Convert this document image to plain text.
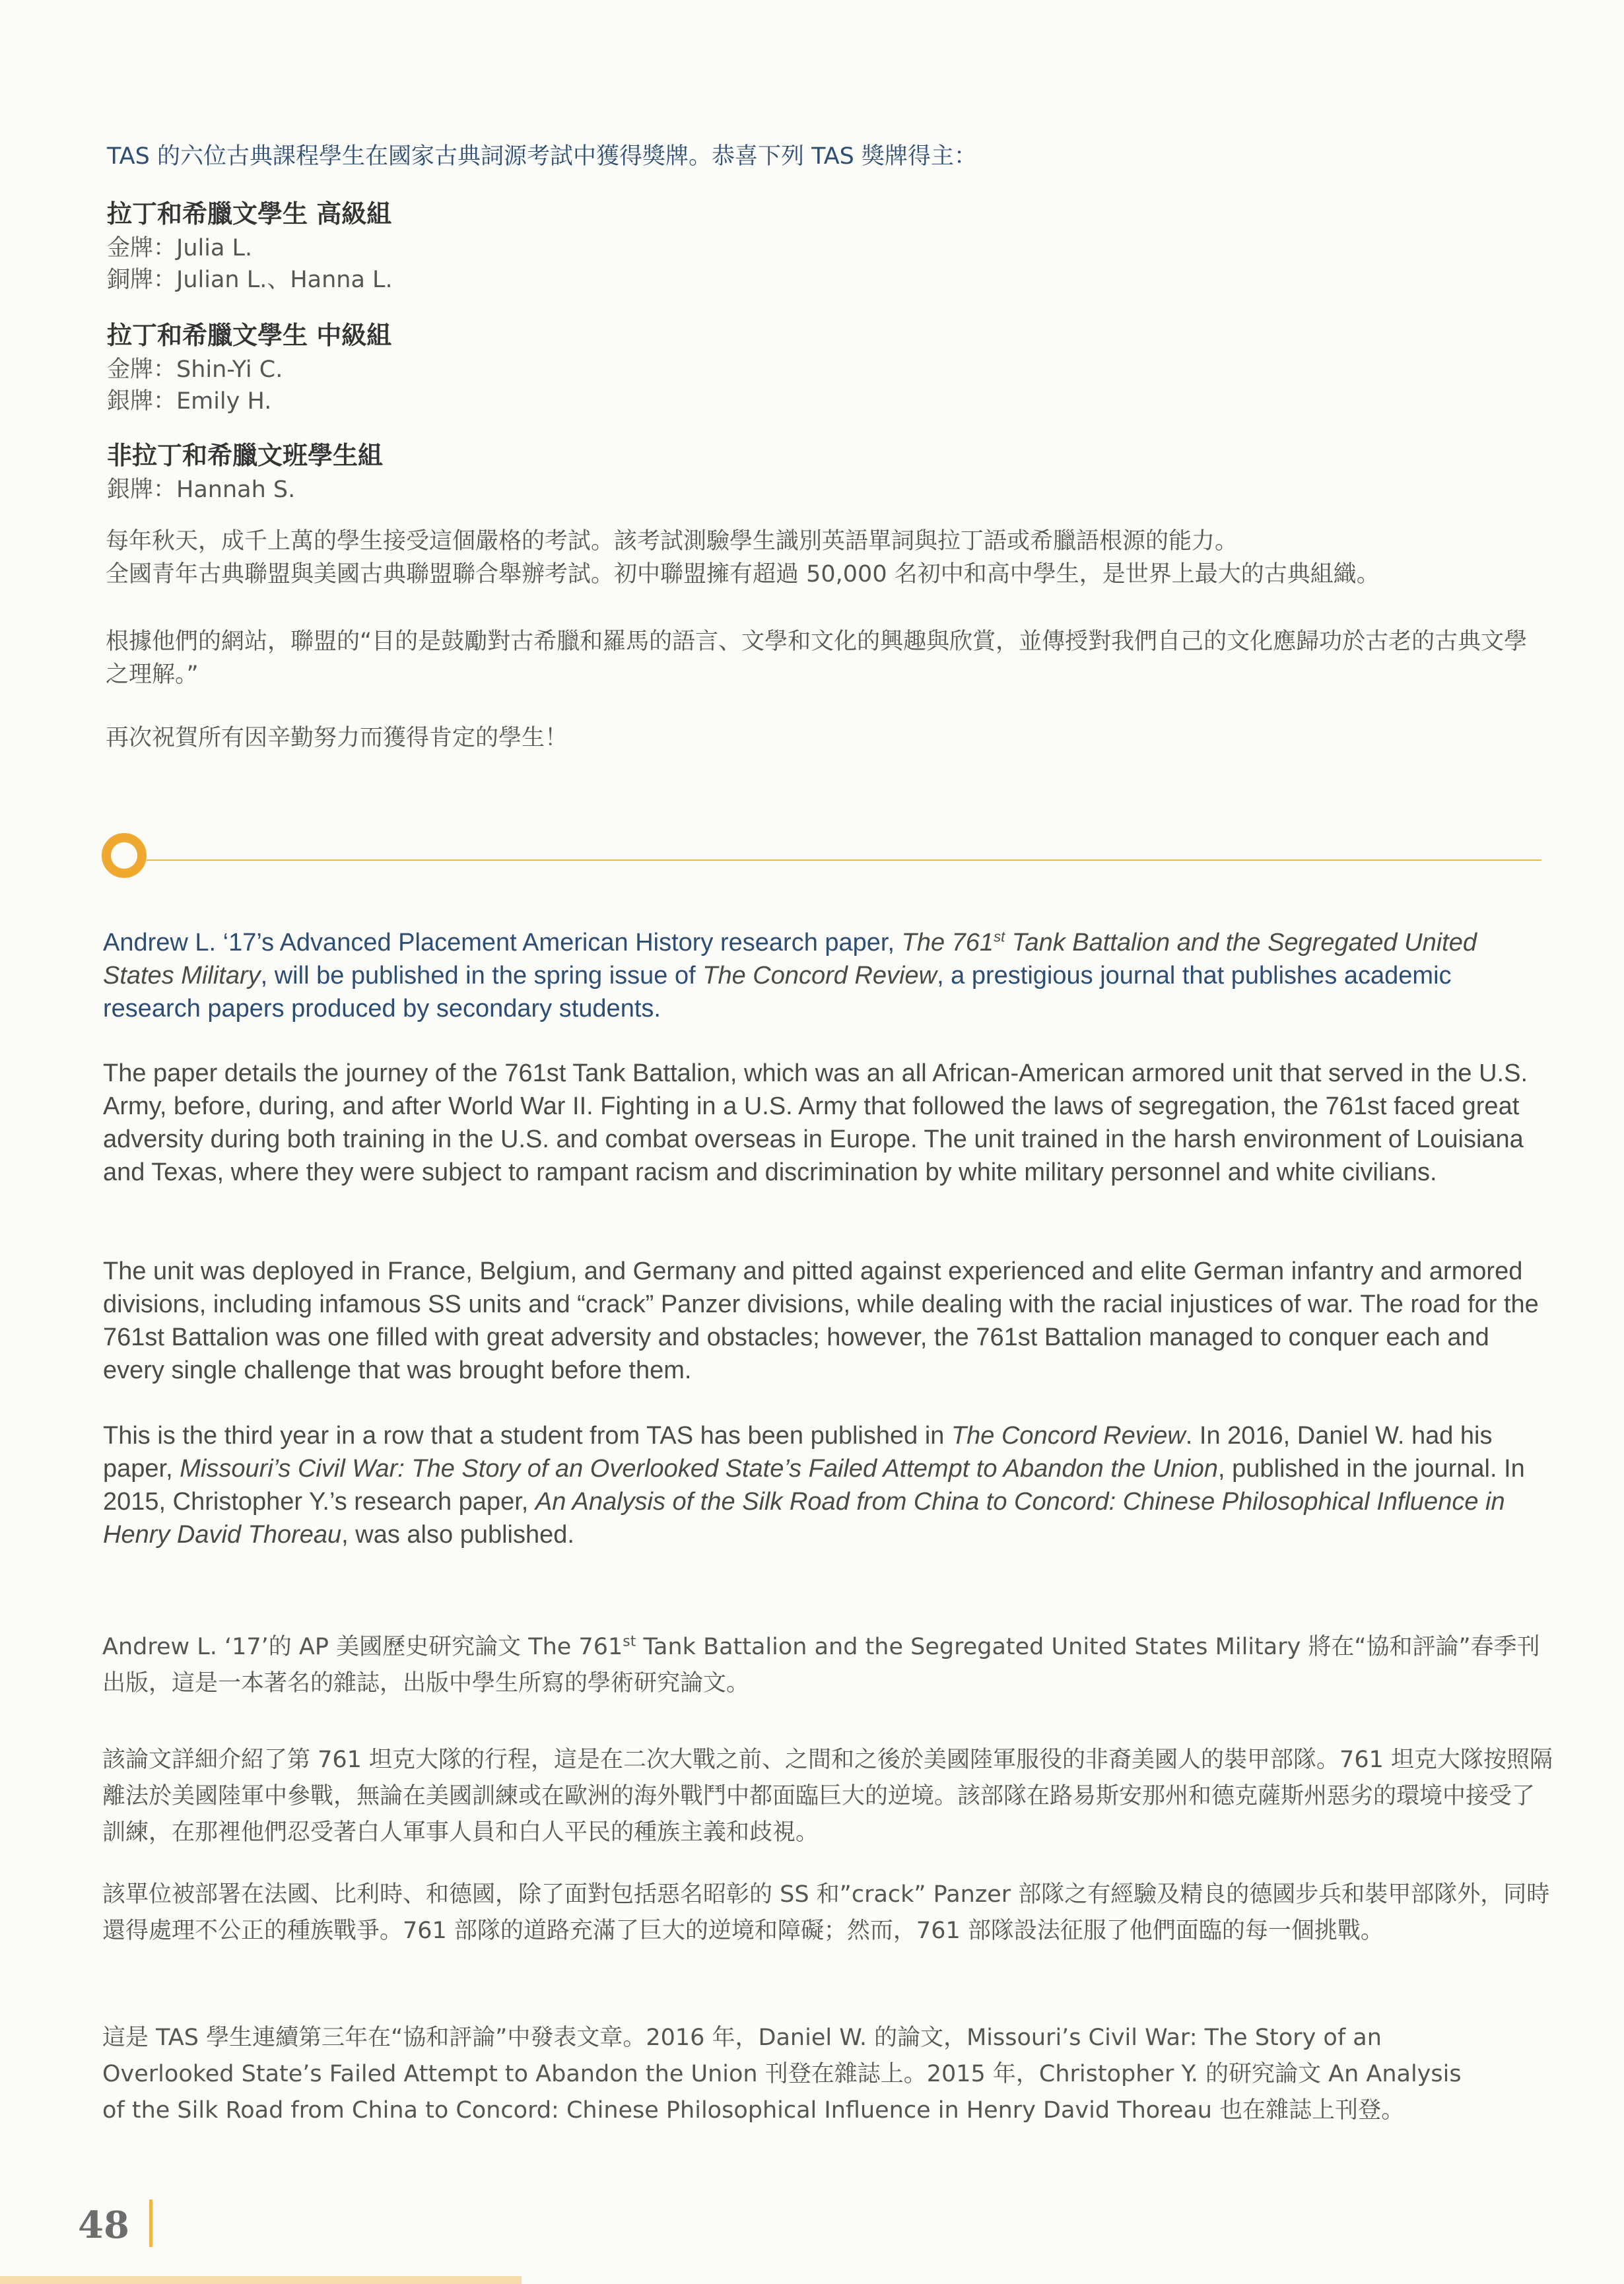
TAS 的六位古典課程學生在國家古典詞源考試中獲得獎牌。恭喜下列 TAS 獎牌得主：
拉丁和希臘文學生 高級組
金牌：Julia L.
銅牌：Julian L.、Hanna L.
拉丁和希臘文學生 中級組
金牌：Shin-Yi C.
銀牌：Emily H.
非拉丁和希臘文班學生組
銀牌：Hannah S.
每年秋天，成千上萬的學生接受這個嚴格的考試。該考試測驗學生識別英語單詞與拉丁語或希臘語根源的能力。
全國青年古典聯盟與美國古典聯盟聯合舉辦考試。初中聯盟擁有超過 50,000 名初中和高中學生，是世界上最大的古典組織。
根據他們的網站，聯盟的“目的是鼓勵對古希臘和羅馬的語言、文學和文化的興趣與欣賞，並傳授對我們自己的文化應歸功於古老的古典文學之理解。”
再次祝賀所有因辛勤努力而獲得肯定的學生！
Andrew L. ‘17’s Advanced Placement American History research paper, The 761st Tank Battalion and the Segregated United States Military, will be published in the spring issue of The Concord Review, a prestigious journal that publishes academic research papers produced by secondary students.
The paper details the journey of the 761st Tank Battalion, which was an all African-American armored unit that served in the U.S. Army, before, during, and after World War II. Fighting in a U.S. Army that followed the laws of segregation, the 761st faced great adversity during both training in the U.S. and combat overseas in Europe. The unit trained in the harsh environment of Louisiana and Texas, where they were subject to rampant racism and discrimination by white military personnel and white civilians.
The unit was deployed in France, Belgium, and Germany and pitted against experienced and elite German infantry and armored divisions, including infamous SS units and “crack” Panzer divisions, while dealing with the racial injustices of war. The road for the 761st Battalion was one filled with great adversity and obstacles; however, the 761st Battalion managed to conquer each and every single challenge that was brought before them.
This is the third year in a row that a student from TAS has been published in The Concord Review. In 2016, Daniel W. had his paper, Missouri’s Civil War: The Story of an Overlooked State’s Failed Attempt to Abandon the Union, published in the journal. In 2015, Christopher Y.’s research paper, An Analysis of the Silk Road from China to Concord: Chinese Philosophical Influence in Henry David Thoreau, was also published.
Andrew L. ‘17’的 AP 美國歷史研究論文 The 761st Tank Battalion and the Segregated United States Military 將在“協和評論”春季刊出版，這是一本著名的雜誌，出版中學生所寫的學術研究論文。
該論文詳細介紹了第 761 坦克大隊的行程，這是在二次大戰之前、之間和之後於美國陸軍服役的非裔美國人的裝甲部隊。761 坦克大隊按照隔離法於美國陸軍中參戰，無論在美國訓練或在歐洲的海外戰鬥中都面臨巨大的逆境。該部隊在路易斯安那州和德克薩斯州惡劣的環境中接受了訓練，在那裡他們忍受著白人軍事人員和白人平民的種族主義和歧視。
該單位被部署在法國、比利時、和德國，除了面對包括惡名昭彰的 SS 和”crack” Panzer 部隊之有經驗及精良的德國步兵和裝甲部隊外，同時還得處理不公正的種族戰爭。761 部隊的道路充滿了巨大的逆境和障礙；然而，761 部隊設法征服了他們面臨的每一個挑戰。
這是 TAS 學生連續第三年在“協和評論”中發表文章。2016 年，Daniel W. 的論文，Missouri’s Civil War: The Story of an
Overlooked State’s Failed Attempt to Abandon the Union 刊登在雜誌上。2015 年，Christopher Y. 的研究論文 An Analysis
of the Silk Road from China to Concord: Chinese Philosophical Influence in Henry David Thoreau 也在雜誌上刊登。
48
